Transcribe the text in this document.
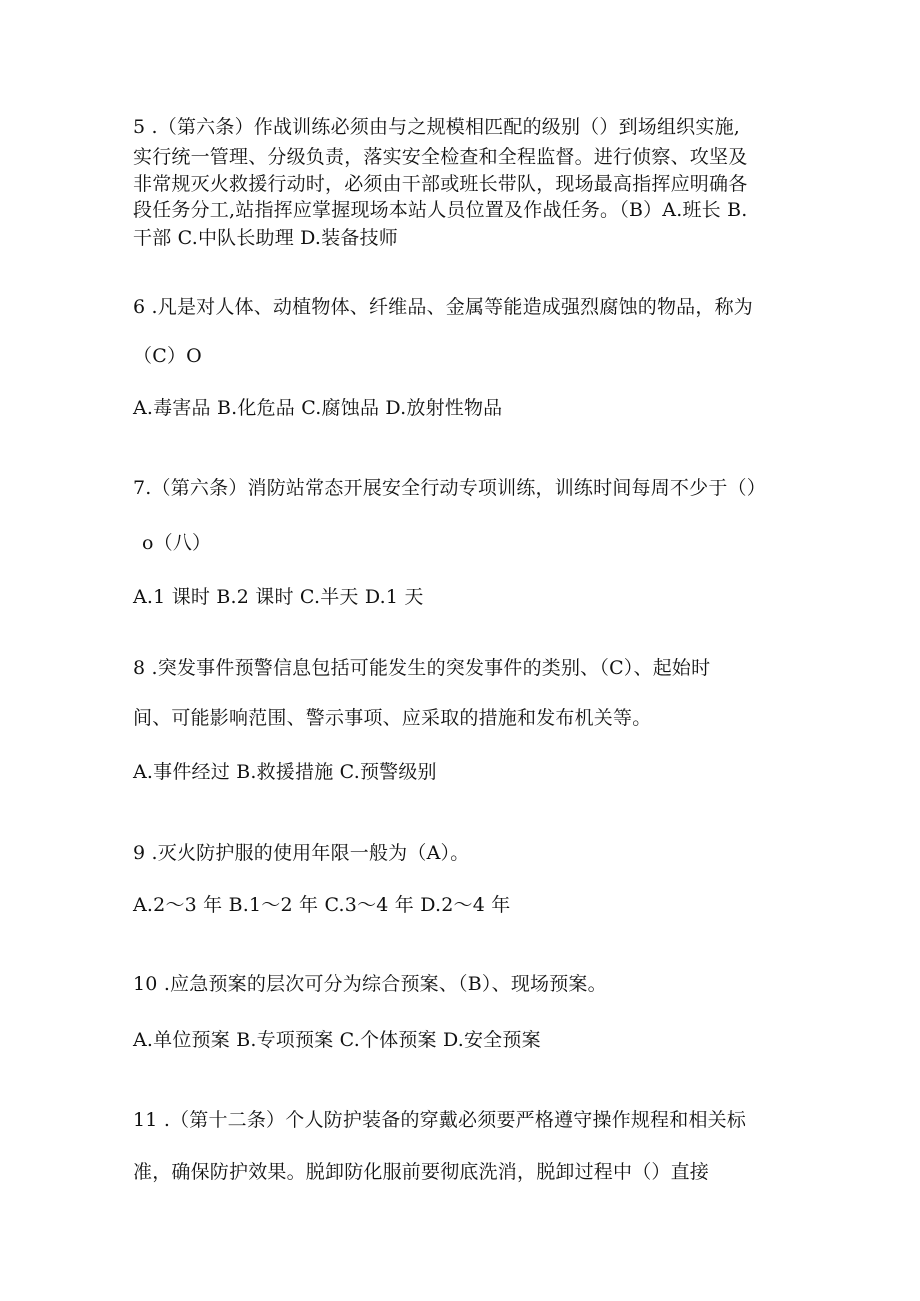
5 .（第六条）作战训练必须由与之规模相匹配的级别（）到场组织实施,
实行统一管理、分级负责，落实安全检查和全程监督。进行侦察、攻坚及
非常规灭火救援行动时，必须由干部或班长带队，现场最高指挥应明确各
段任务分工,站指挥应掌握现场本站人员位置及作战任务。（B）A.班长 B.
干部 C.中队长助理 D.装备技师
6 .凡是对人体、动植物体、纤维品、金属等能造成强烈腐蚀的物品，称为
（C）O
A.毒害品 B.化危品 C.腐蚀品 D.放射性物品
7.（第六条）消防站常态开展安全行动专项训练，训练时间每周不少于（）
o（八）
A.1 课时 B.2 课时 C.半天 D.1 天
8 .突发事件预警信息包括可能发生的突发事件的类别、（C）、起始时
间、可能影响范围、警示事项、应采取的措施和发布机关等。
A.事件经过 B.救援措施 C.预警级别
9 .灭火防护服的使用年限一般为（A）。
A.2〜3 年 B.1〜2 年 C.3〜4 年 D.2〜4 年
10 .应急预案的层次可分为综合预案、（B）、现场预案。
A.单位预案 B.专项预案 C.个体预案 D.安全预案
11 .（第十二条）个人防护装备的穿戴必须要严格遵守操作规程和相关标
准，确保防护效果。脱卸防化服前要彻底洗消，脱卸过程中（）直接
